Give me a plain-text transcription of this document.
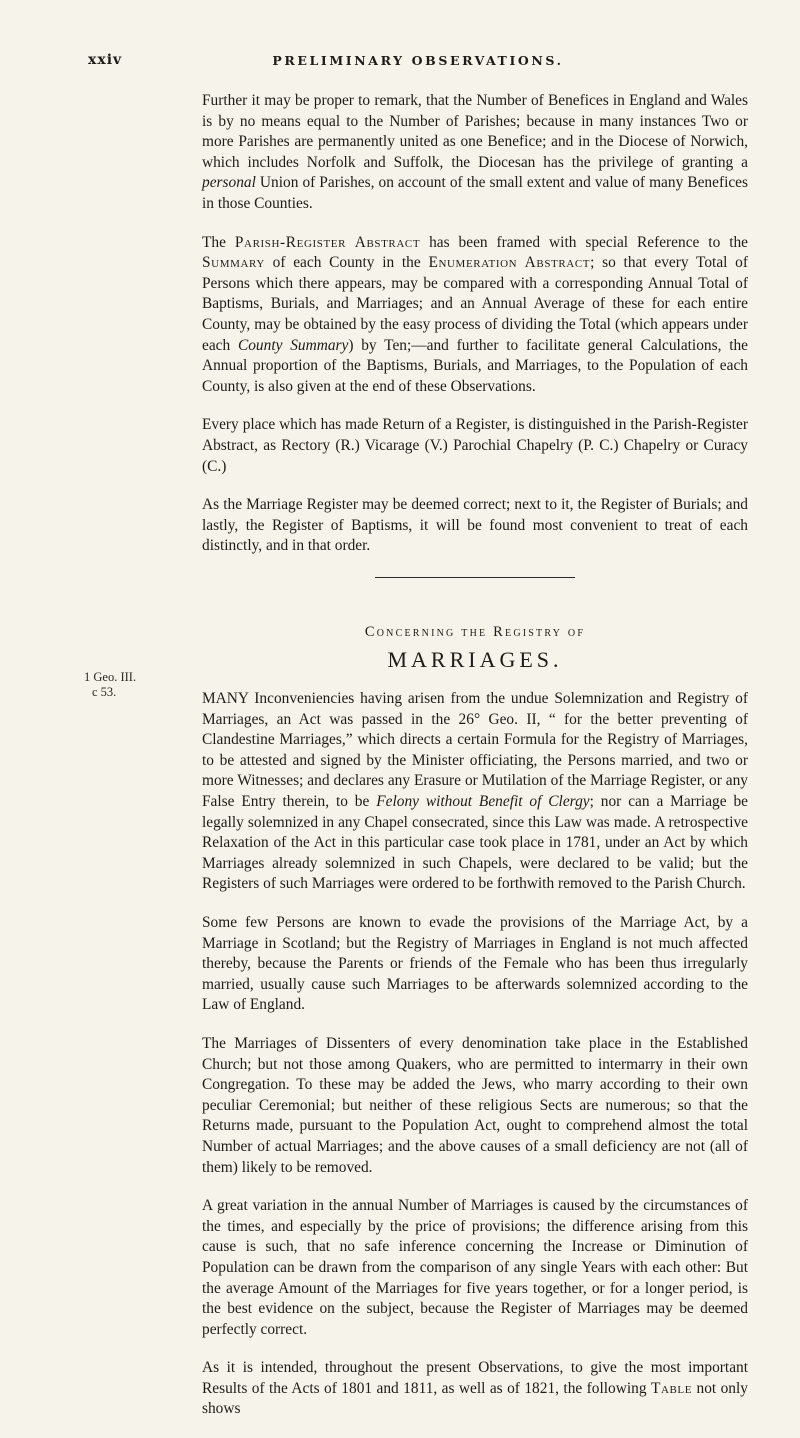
xxiv	PRELIMINARY OBSERVATIONS.
1 Geo. III.
c 53.

Further it may be proper to remark, that the Number of Benefices in England and Wales is by no means equal to the Number of Parishes; because in many instances Two or more Parishes are permanently united as one Benefice; and in the Diocese of Norwich, which includes Norfolk and Suffolk, the Diocesan has the privilege of granting a personal Union of Parishes, on account of the small extent and value of many Benefices in those Counties.

The Parish-Register Abstract has been framed with special Reference to the Summary of each County in the Enumeration Abstract; so that every Total of Persons which there appears, may be compared with a corresponding Annual Total of Baptisms, Burials, and Marriages; and an Annual Average of these for each entire County, may be obtained by the easy process of dividing the Total (which appears under each County Summary) by Ten;—and further to facilitate general Calculations, the Annual proportion of the Baptisms, Burials, and Marriages, to the Population of each County, is also given at the end of these Observations.

Every place which has made Return of a Register, is distinguished in the Parish-Register Abstract, as Rectory (R.) Vicarage (V.) Parochial Chapelry (P. C.) Chapelry or Curacy (C.)

As the Marriage Register may be deemed correct; next to it, the Register of Burials; and lastly, the Register of Baptisms, it will be found most convenient to treat of each distinctly, and in that order.

Concerning the Registry of
MARRIAGES.

MANY Inconveniencies having arisen from the undue Solemnization and Registry of Marriages, an Act was passed in the 26° Geo. II, “ for the better preventing of Clandestine Marriages,” which directs a certain Formula for the Registry of Marriages, to be attested and signed by the Minister officiating, the Persons married, and two or more Witnesses; and declares any Erasure or Mutilation of the Marriage Register, or any False Entry therein, to be Felony without Benefit of Clergy; nor can a Marriage be legally solemnized in any Chapel consecrated, since this Law was made. A retrospective Relaxation of the Act in this particular case took place in 1781, under an Act by which Marriages already solemnized in such Chapels, were declared to be valid; but the Registers of such Marriages were ordered to be forthwith removed to the Parish Church.

Some few Persons are known to evade the provisions of the Marriage Act, by a Marriage in Scotland; but the Registry of Marriages in England is not much affected thereby, because the Parents or friends of the Female who has been thus irregularly married, usually cause such Marriages to be afterwards solemnized according to the Law of England.

The Marriages of Dissenters of every denomination take place in the Established Church; but not those among Quakers, who are permitted to intermarry in their own Congregation. To these may be added the Jews, who marry according to their own peculiar Ceremonial; but neither of these religious Sects are numerous; so that the Returns made, pursuant to the Population Act, ought to comprehend almost the total Number of actual Marriages; and the above causes of a small deficiency are not (all of them) likely to be removed.

A great variation in the annual Number of Marriages is caused by the circumstances of the times, and especially by the price of provisions; the difference arising from this cause is such, that no safe inference concerning the Increase or Diminution of Population can be drawn from the comparison of any single Years with each other: But the average Amount of the Marriages for five years together, or for a longer period, is the best evidence on the subject, because the Register of Marriages may be deemed perfectly correct.

As it is intended, throughout the present Observations, to give the most important Results of the Acts of 1801 and 1811, as well as of 1821, the following Table not only shows
